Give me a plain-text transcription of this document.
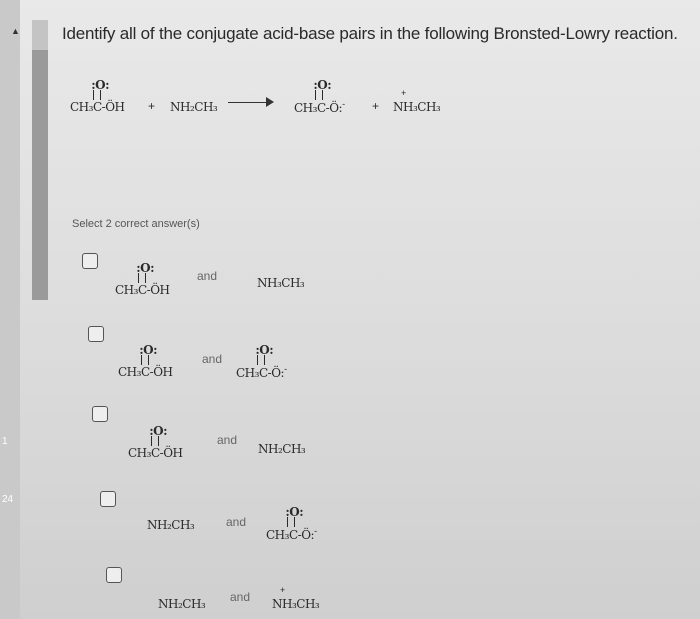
1
24
▲ Identify all of the conjugate acid-base pairs in the following Bronsted-Lowry reaction.
:O:
CH₃C-ÖH + NH₂CH₃
:O:
CH₃C-Ö:- +
+
NH₃CH₃
Select 2 correct answer(s)
:O:
CH₃C-ÖH
and	NH₃CH₃
:O:
CH₃C-ÖH
and
:O:
CH₃C-Ö:-
:O:
CH₃C-ÖH
and
NH₂CH₃
NH₂CH₃	and
:O:
CH₃C-Ö:-
NH₂CH₃ and	+
NH₃CH₃
